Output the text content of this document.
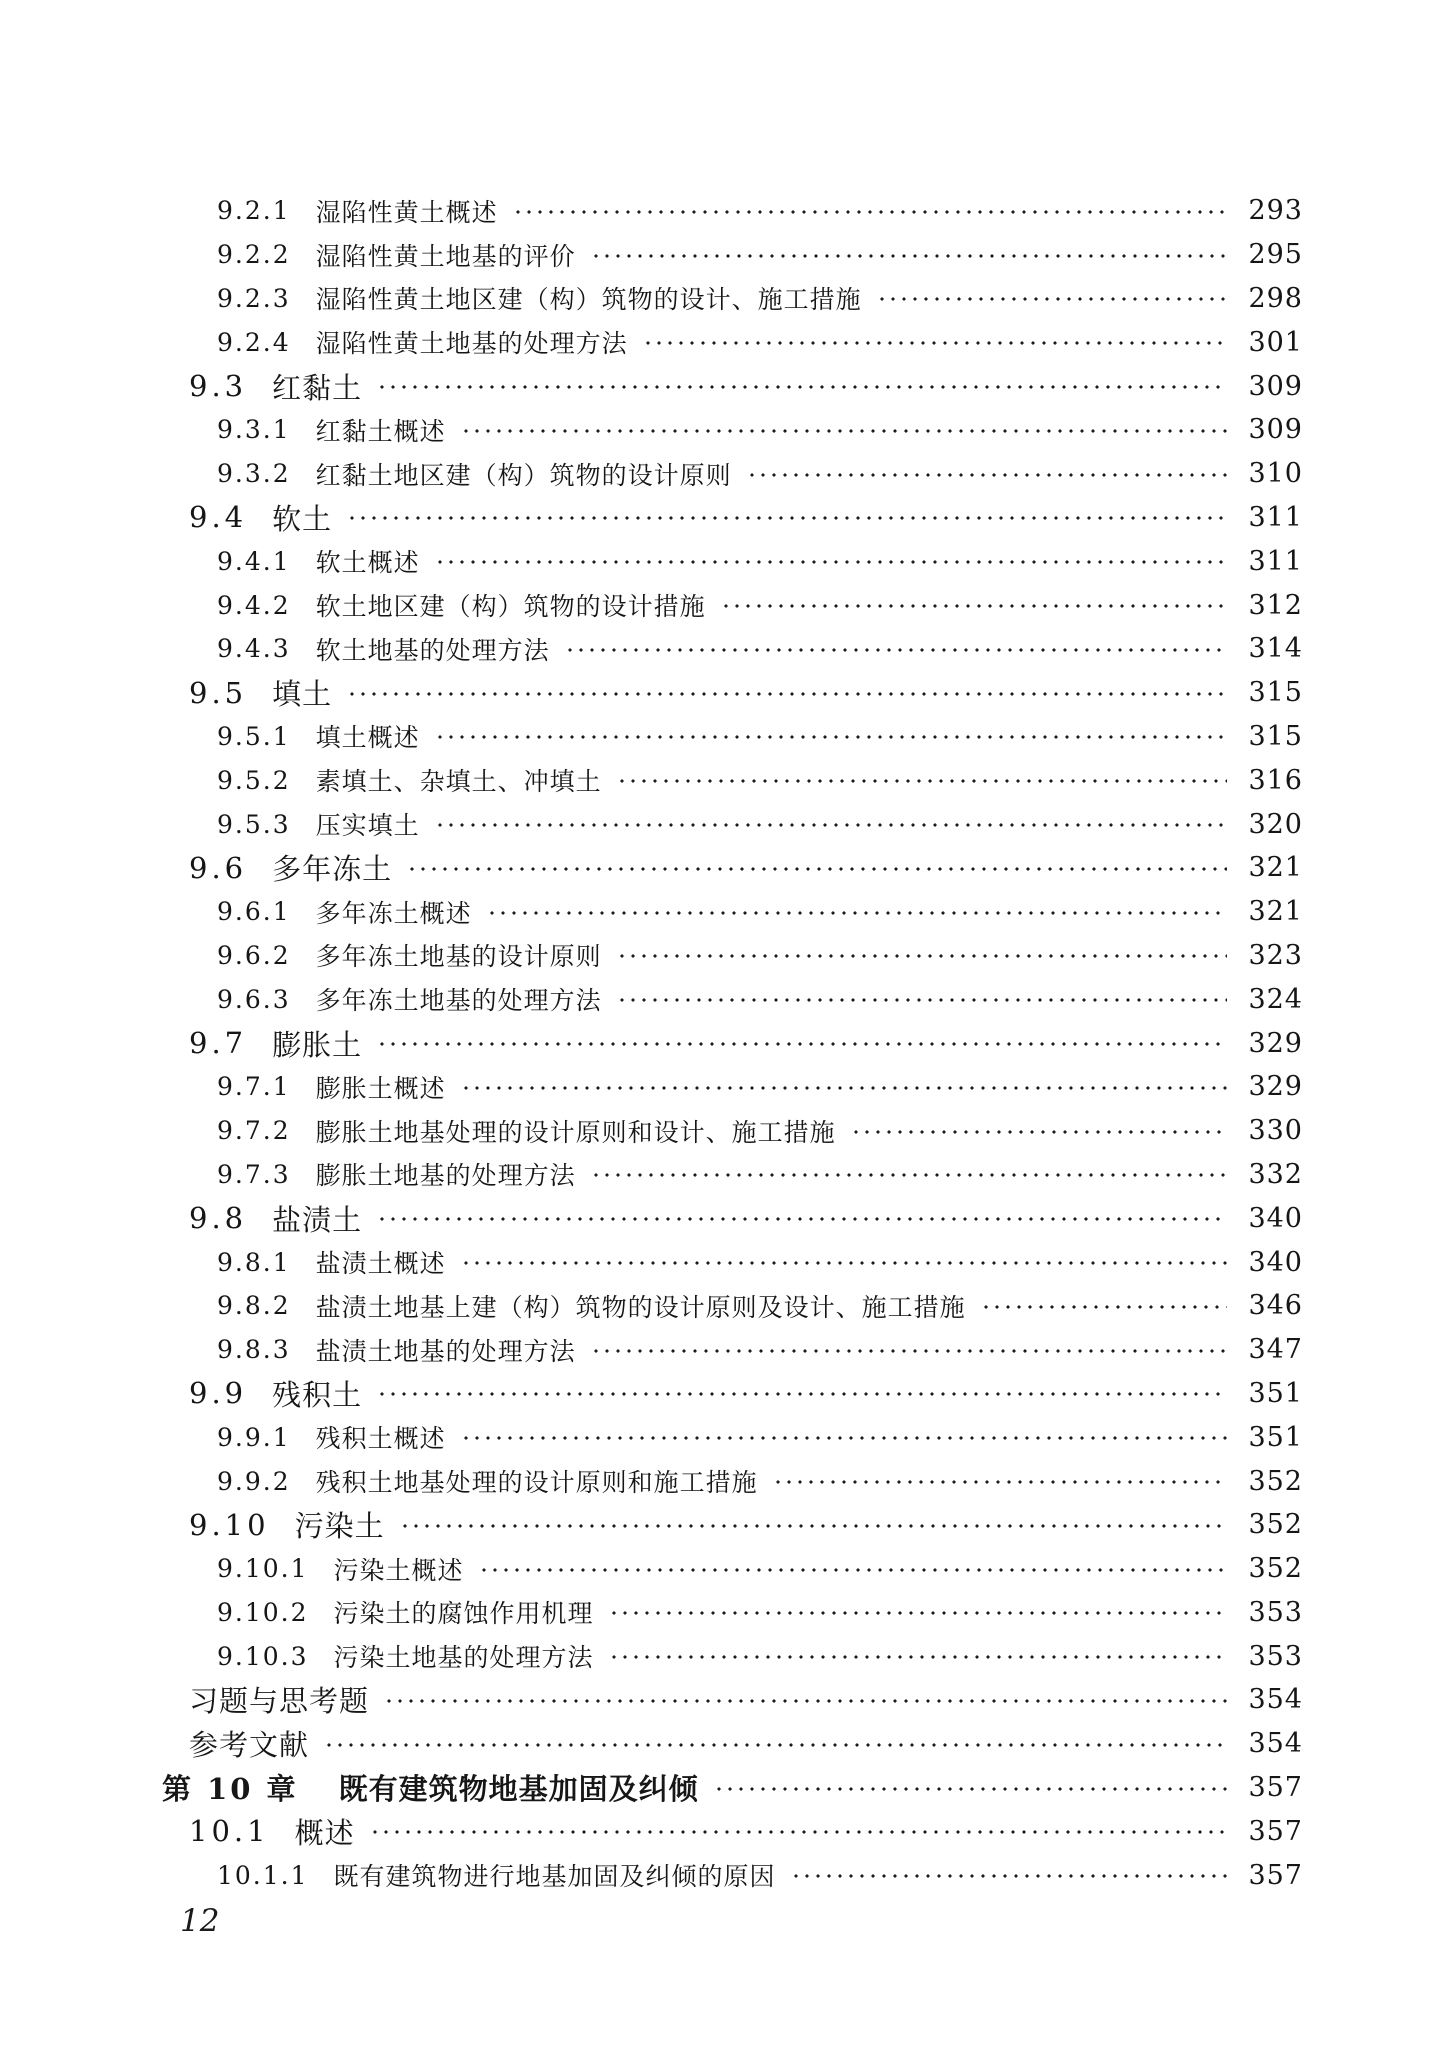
9.2.1 湿陷性黄土概述	293
9.2.2 湿陷性黄土地基的评价	295
9.2.3 湿陷性黄土地区建（构）筑物的设计、施工措施	298
9.2.4 湿陷性黄土地基的处理方法	301
9.3 红黏土	309
9.3.1 红黏土概述	309
9.3.2 红黏土地区建（构）筑物的设计原则	310
9.4 软土	311
9.4.1 软土概述	311
9.4.2 软土地区建（构）筑物的设计措施	312
9.4.3 软土地基的处理方法	314
9.5 填土	315
9.5.1 填土概述	315
9.5.2 素填土、杂填土、冲填土	316
9.5.3 压实填土	320
9.6 多年冻土	321
9.6.1 多年冻土概述	321
9.6.2 多年冻土地基的设计原则	323
9.6.3 多年冻土地基的处理方法	324
9.7 膨胀土	329
9.7.1 膨胀土概述	329
9.7.2 膨胀土地基处理的设计原则和设计、施工措施	330
9.7.3 膨胀土地基的处理方法	332
9.8 盐渍土	340
9.8.1 盐渍土概述	340
9.8.2 盐渍土地基上建（构）筑物的设计原则及设计、施工措施	346
9.8.3 盐渍土地基的处理方法	347
9.9 残积土	351
9.9.1 残积土概述	351
9.9.2 残积土地基处理的设计原则和施工措施	352
9.10 污染土	352
9.10.1 污染土概述	352
9.10.2 污染土的腐蚀作用机理	353
9.10.3 污染土地基的处理方法	353
习题与思考题	354
参考文献	354
第 10 章 既有建筑物地基加固及纠倾	357
10.1 概述	357
10.1.1 既有建筑物进行地基加固及纠倾的原因	357
12
